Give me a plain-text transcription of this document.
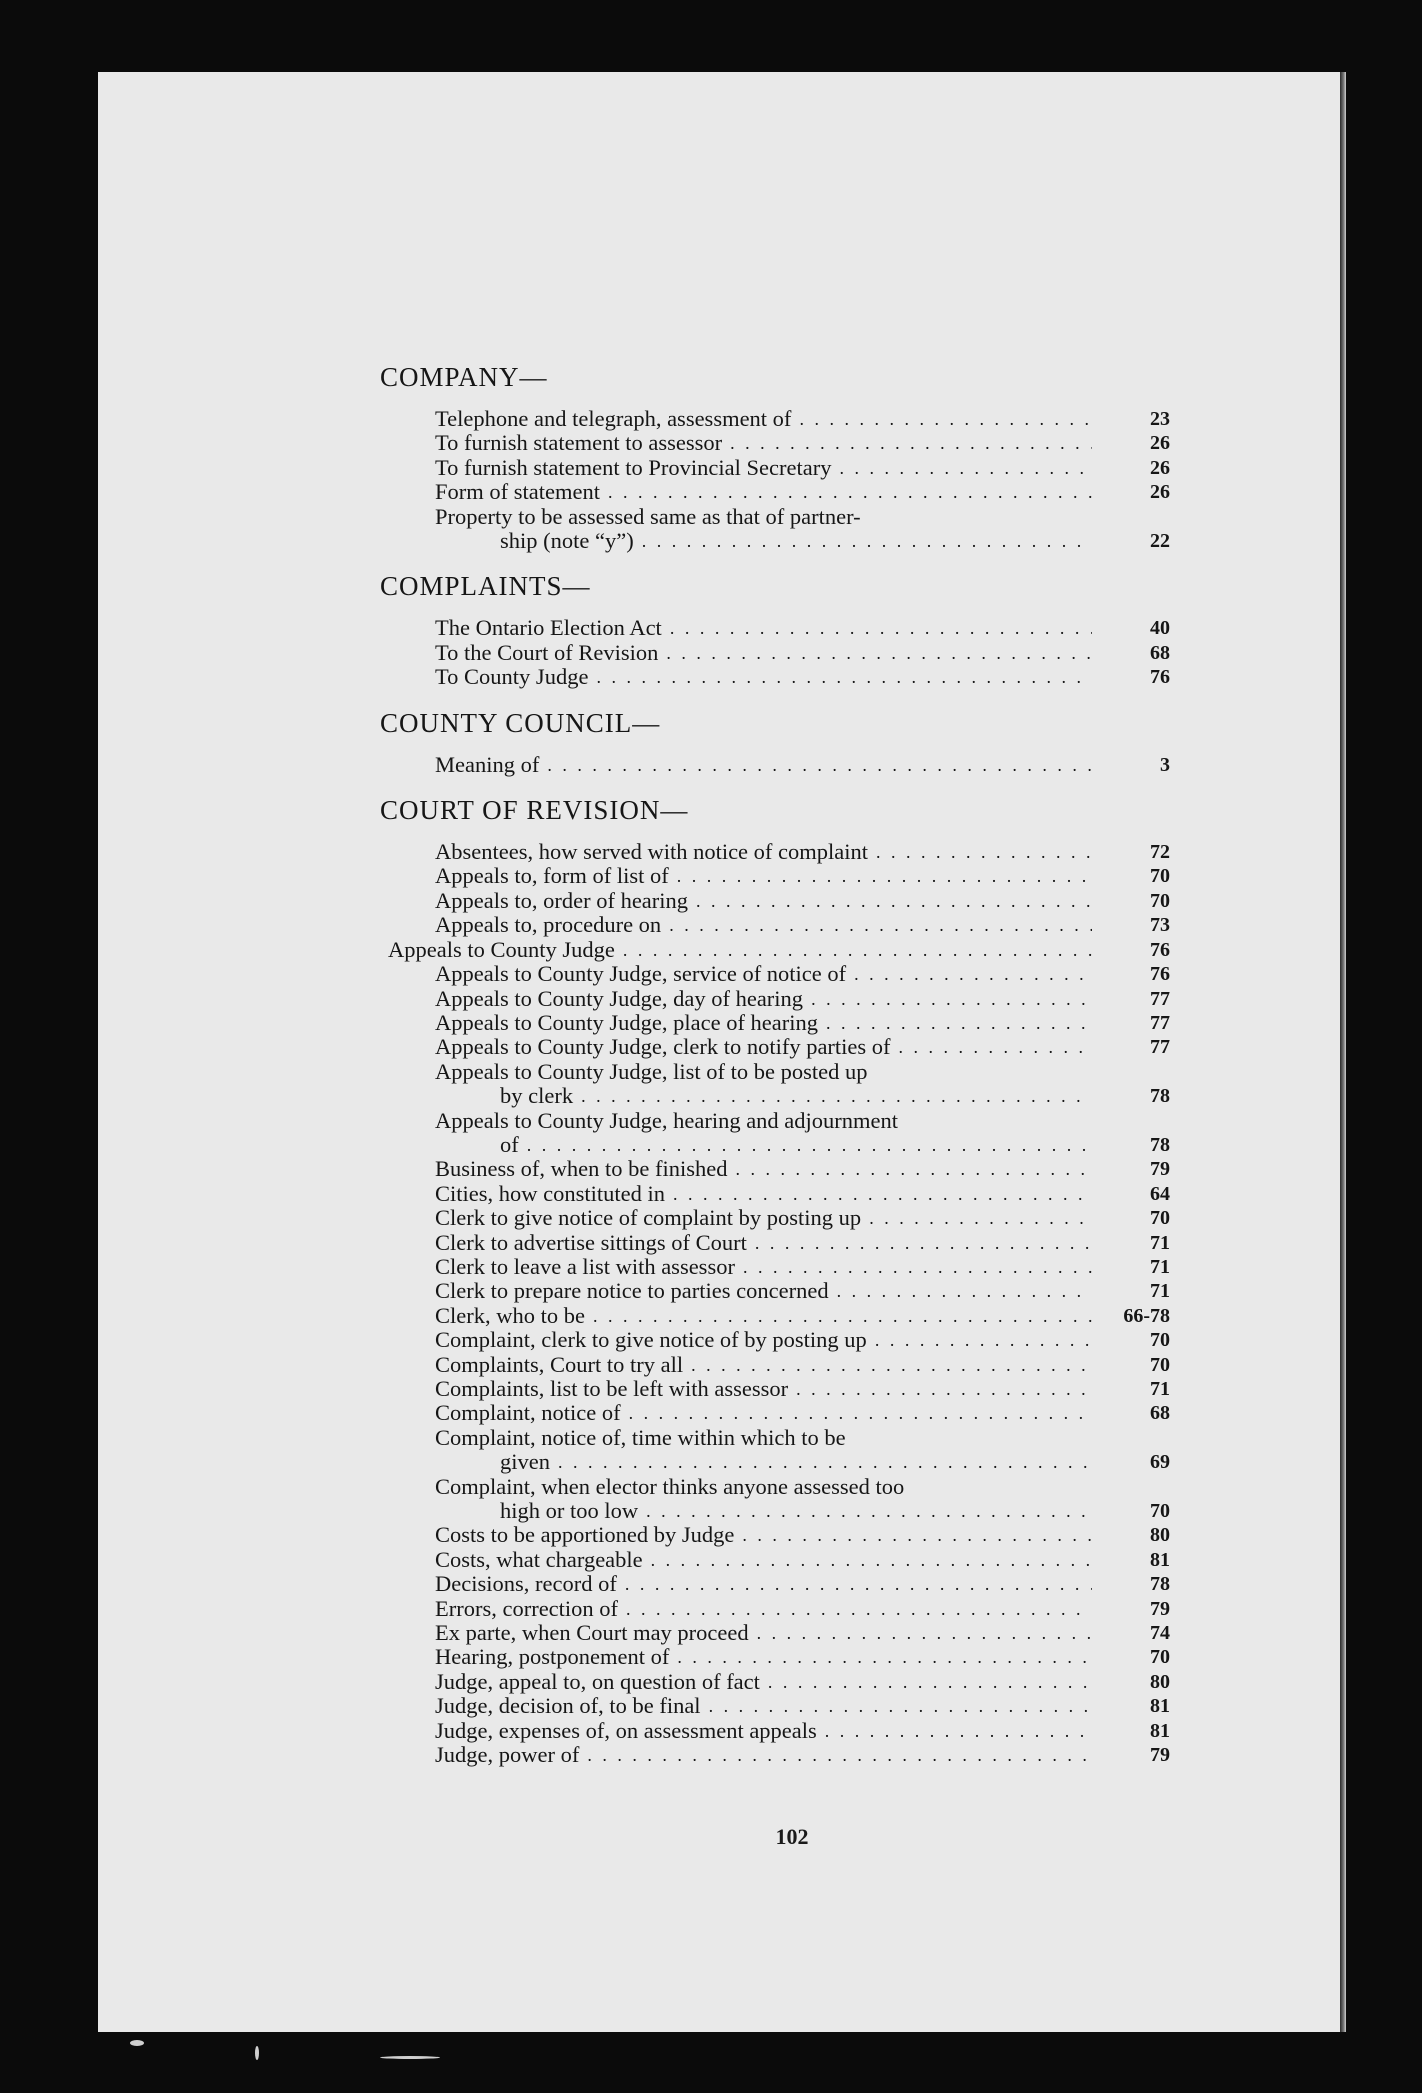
COMPANY—
Telephone and telegraph, assessment of . . .	23
To furnish statement to assessor . . .	26
To furnish statement to Provincial Secretary . . .	26
Form of statement . . .	26
Property to be assessed same as that of partner-
ship (note “y”) . . .	22
COMPLAINTS—
The Ontario Election Act . . .	40
To the Court of Revision . . .	68
To County Judge . . .	76
COUNTY COUNCIL—
Meaning of . . .	3
COURT OF REVISION—
Absentees, how served with notice of complaint . . .	72
Appeals to, form of list of . . .	70
Appeals to, order of hearing . . .	70
Appeals to, procedure on . . .	73
Appeals to County Judge . . .	76
Appeals to County Judge, service of notice of . . .	76
Appeals to County Judge, day of hearing . . .	77
Appeals to County Judge, place of hearing . . .	77
Appeals to County Judge, clerk to notify parties of . . .	77
Appeals to County Judge, list of to be posted up
by clerk . . .	78
Appeals to County Judge, hearing and adjournment
of . . .	78
Business of, when to be finished . . .	79
Cities, how constituted in . . .	64
Clerk to give notice of complaint by posting up . . .	70
Clerk to advertise sittings of Court . . .	71
Clerk to leave a list with assessor . . .	71
Clerk to prepare notice to parties concerned . . .	71
Clerk, who to be . . .	66-78
Complaint, clerk to give notice of by posting up . . .	70
Complaints, Court to try all . . .	70
Complaints, list to be left with assessor . . .	71
Complaint, notice of . . .	68
Complaint, notice of, time within which to be
given . . .	69
Complaint, when elector thinks anyone assessed too
high or too low . . .	70
Costs to be apportioned by Judge . . .	80
Costs, what chargeable . . .	81
Decisions, record of . . .	78
Errors, correction of . . .	79
Ex parte, when Court may proceed . . .	74
Hearing, postponement of . . .	70
Judge, appeal to, on question of fact . . .	80
Judge, decision of, to be final . . .	81
Judge, expenses of, on assessment appeals . . .	81
Judge, power of . . .	79
102
